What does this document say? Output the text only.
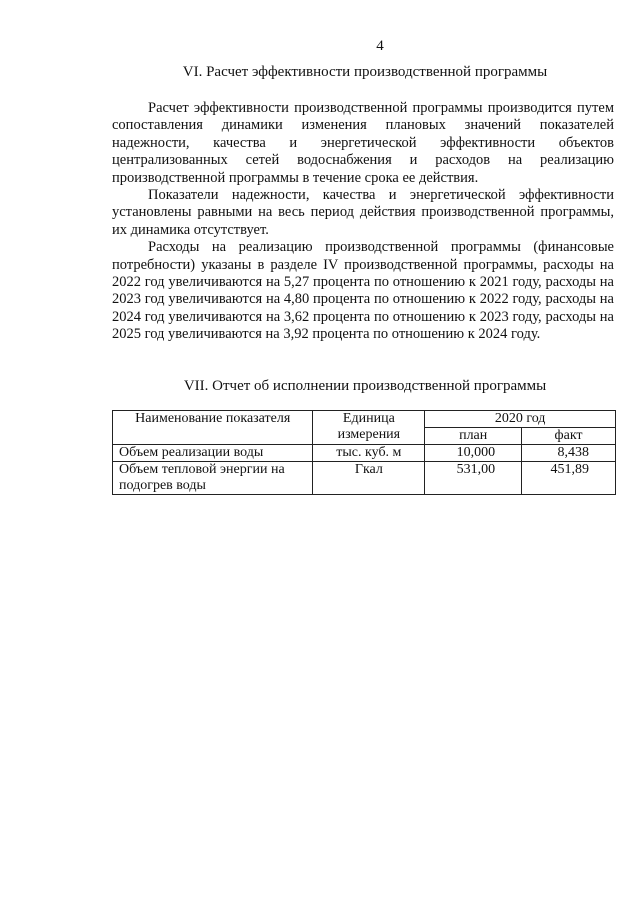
4
VI. Расчет эффективности производственной программы

Расчет эффективности производственной программы производится путем сопоставления динамики изменения плановых значений показателей надежности, качества и энергетической эффективности объектов централизованных сетей водоснабжения и расходов на реализацию производственной программы в течение срока ее действия.

Показатели надежности, качества и энергетической эффективности установлены равными на весь период действия производственной программы, их динамика отсутствует.

Расходы на реализацию производственной программы (финансовые потребности) указаны в разделе IV производственной программы, расходы на 2022 год увеличиваются на 5,27 процента по отношению к 2021 году, расходы на 2023 год увеличиваются на 4,80 процента по отношению к 2022 году, расходы на 2024 год увеличиваются на 3,62 процента по отношению к 2023 году, расходы на 2025 год увеличиваются на 3,92 процента по отношению к 2024 году.

VII. Отчет об исполнении производственной программы
Наименование показателя	Единица измерения	2020 год	
		план	факт
Объем реализации воды	тыс. куб. м	10,000	8,438
Объем тепловой энергии на подогрев воды	Гкал	531,00	451,89
